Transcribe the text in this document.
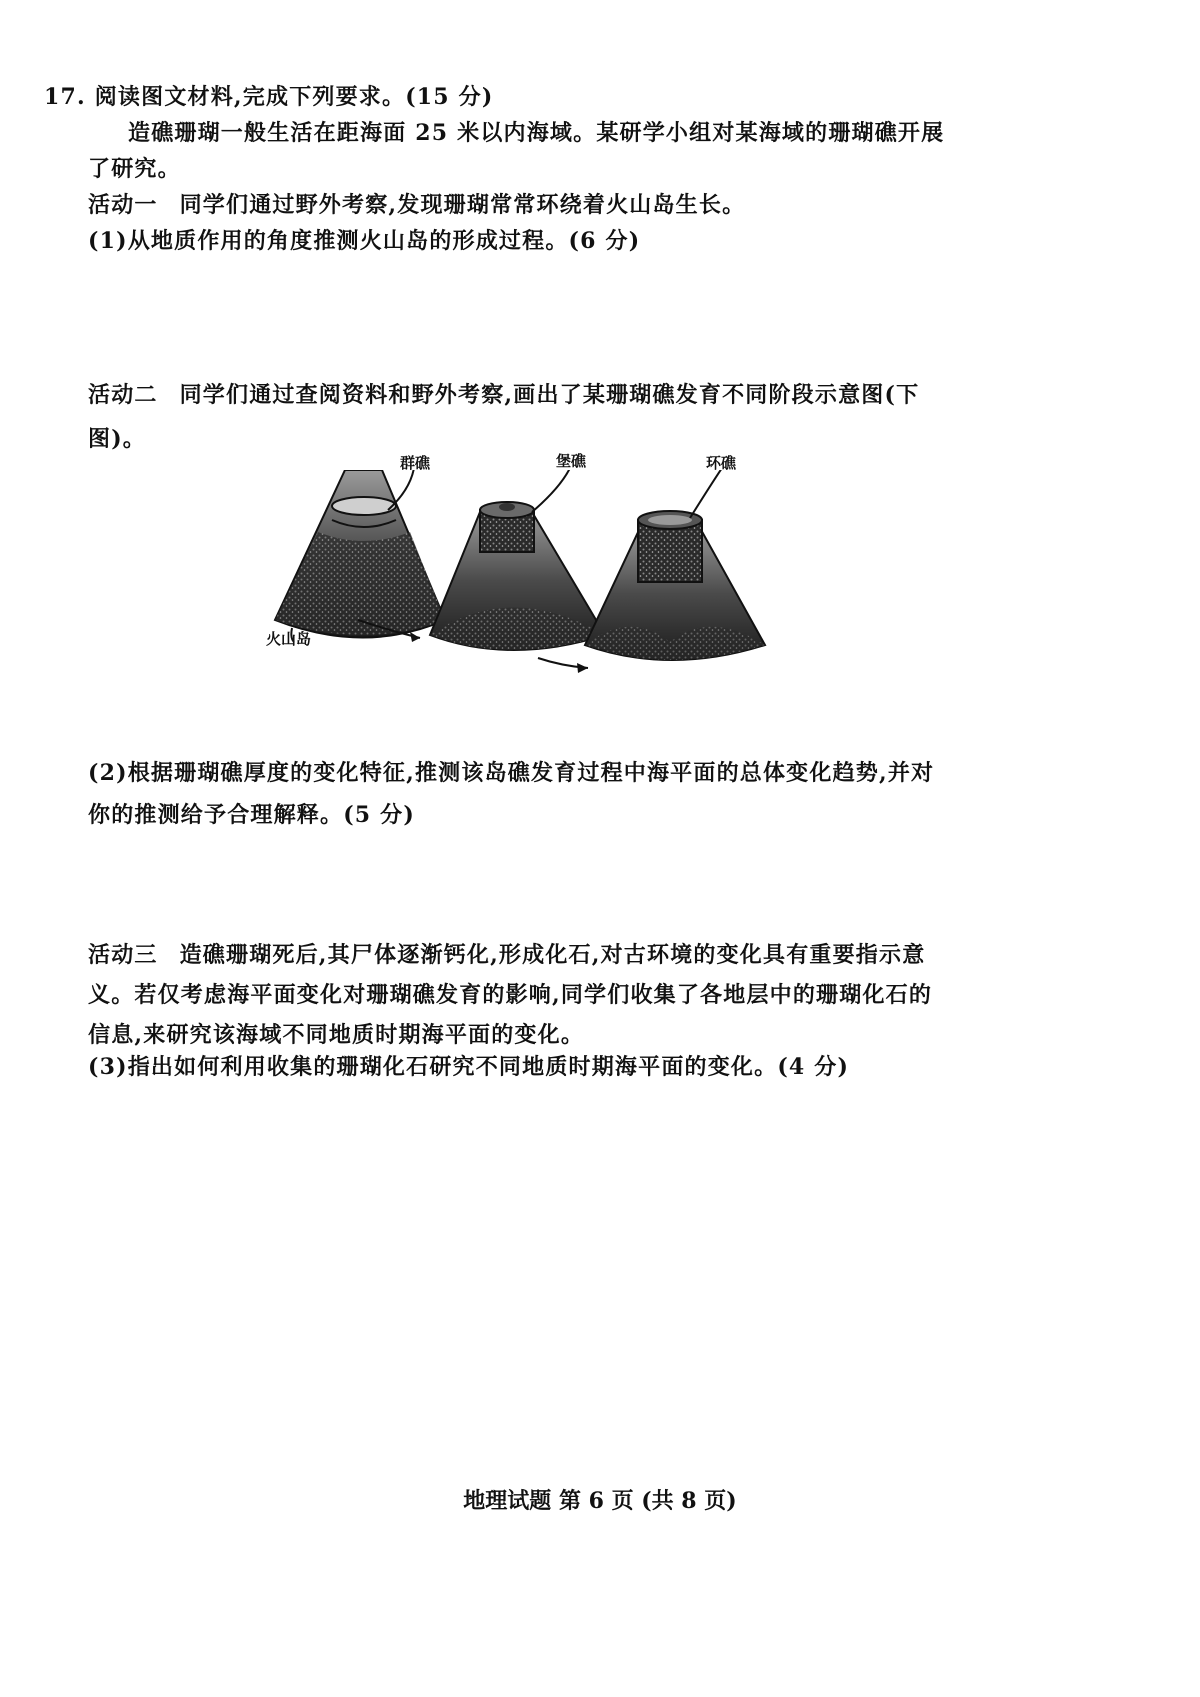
17. 阅读图文材料,完成下列要求。(15 分)
造礁珊瑚一般生活在距海面 25 米以内海域。某研学小组对某海域的珊瑚礁开展
了研究。
活动一 同学们通过野外考察,发现珊瑚常常环绕着火山岛生长。
(1)从地质作用的角度推测火山岛的形成过程。(6 分)
活动二 同学们通过查阅资料和野外考察,画出了某珊瑚礁发育不同阶段示意图(下
图)。
群礁	堡礁	环礁
火山岛
(2)根据珊瑚礁厚度的变化特征,推测该岛礁发育过程中海平面的总体变化趋势,并对
你的推测给予合理解释。(5 分)
活动三 造礁珊瑚死后,其尸体逐渐钙化,形成化石,对古环境的变化具有重要指示意
义。若仅考虑海平面变化对珊瑚礁发育的影响,同学们收集了各地层中的珊瑚化石的
信息,来研究该海域不同地质时期海平面的变化。
(3)指出如何利用收集的珊瑚化石研究不同地质时期海平面的变化。(4 分)
地理试题 第 6 页 (共 8 页)
